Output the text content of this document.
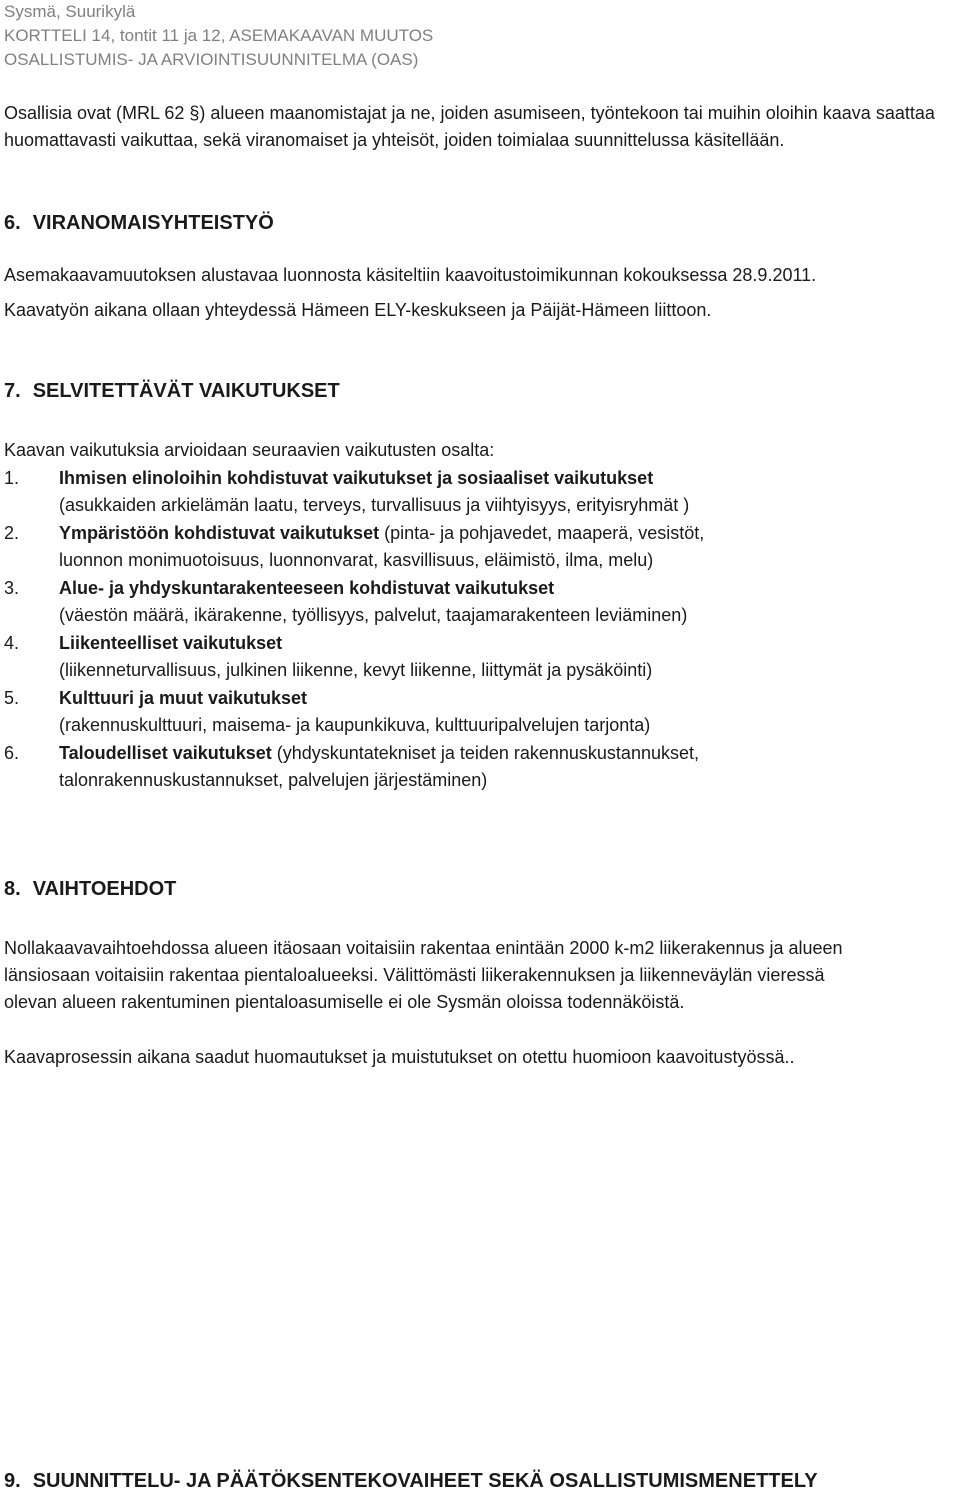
Sysmä, Suurikylä
KORTTELI 14, tontit 11 ja 12, ASEMAKAAVAN MUUTOS
OSALLISTUMIS- JA ARVIOINTISUUNNITELMA (OAS)
Osallisia ovat (MRL 62 §) alueen maanomistajat ja ne, joiden asumiseen, työntekoon tai muihin oloihin kaava saattaa huomattavasti vaikuttaa, sekä viranomaiset ja yhteisöt, joiden toimialaa suunnittelussa käsitellään.
6. VIRANOMAISYHTEISTYÖ
Asemakaavamuutoksen alustavaa luonnosta käsiteltiin kaavoitustoimikunnan kokouksessa 28.9.2011.
Kaavatyön aikana ollaan yhteydessä Hämeen ELY-keskukseen ja Päijät-Hämeen liittoon.
7. SELVITETTÄVÄT VAIKUTUKSET
Kaavan vaikutuksia arvioidaan seuraavien vaikutusten osalta:
1. Ihmisen elinoloihin kohdistuvat vaikutukset ja sosiaaliset vaikutukset
(asukkaiden arkielämän laatu, terveys, turvallisuus ja viihtyisyys, erityisryhmät )
2. Ympäristöön kohdistuvat vaikutukset (pinta- ja pohjavedet, maaperä, vesistöt,
luonnon monimuotoisuus, luonnonvarat, kasvillisuus, eläimistö, ilma, melu)
3. Alue- ja yhdyskuntarakenteeseen kohdistuvat vaikutukset
(väestön määrä, ikärakenne, työllisyys, palvelut, taajamarakenteen leviäminen)
4. Liikenteelliset vaikutukset
(liikenneturvallisuus, julkinen liikenne, kevyt liikenne, liittymät ja pysäköinti)
5. Kulttuuri ja muut vaikutukset
(rakennuskulttuuri, maisema- ja kaupunkikuva, kulttuuripalvelujen tarjonta)
6. Taloudelliset vaikutukset (yhdyskuntatekniset ja teiden rakennuskustannukset,
talonrakennuskustannukset, palvelujen järjestäminen)
8. VAIHTOEHDOT
Nollakaavavaihtoehdossa alueen itäosaan voitaisiin rakentaa enintään 2000 k-m2 liikerakennus ja alueen
länsiosaan voitaisiin rakentaa pientaloalueeksi. Välittömästi liikerakennuksen ja liikenneväylän vieressä
olevan alueen rakentuminen pientaloasumiselle ei ole Sysmän oloissa todennäköistä.
Kaavaprosessin aikana saadut huomautukset ja muistutukset on otettu huomioon kaavoitustyössä..
9. SUUNNITTELU- JA PÄÄTÖKSENTEKOVAIHEET SEKÄ OSALLISTUMISMENETTELY
